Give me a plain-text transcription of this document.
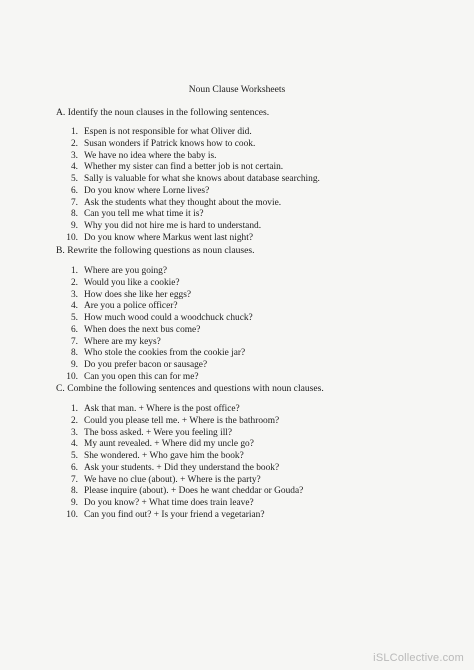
Noun Clause Worksheets
A. Identify the noun clauses in the following sentences.
1. Espen is not responsible for what Oliver did.
2. Susan wonders if Patrick knows how to cook.
3. We have no idea where the baby is.
4. Whether my sister can find a better job is not certain.
5. Sally is valuable for what she knows about database searching.
6. Do you know where Lorne lives?
7. Ask the students what they thought about the movie.
8. Can you tell me what time it is?
9. Why you did not hire me is hard to understand.
10. Do you know where Markus went last night?
B. Rewrite the following questions as noun clauses.
1. Where are you going?
2. Would you like a cookie?
3. How does she like her eggs?
4. Are you a police officer?
5. How much wood could a woodchuck chuck?
6. When does the next bus come?
7. Where are my keys?
8. Who stole the cookies from the cookie jar?
9. Do you prefer bacon or sausage?
10. Can you open this can for me?
C. Combine the following sentences and questions with noun clauses.
1. Ask that man. + Where is the post office?
2. Could you please tell me. + Where is the bathroom?
3. The boss asked. + Were you feeling ill?
4. My aunt revealed. + Where did my uncle go?
5. She wondered. + Who gave him the book?
6. Ask your students. + Did they understand the book?
7. We have no clue (about). + Where is the party?
8. Please inquire (about). + Does he want cheddar or Gouda?
9. Do you know? + What time does train leave?
10. Can you find out? + Is your friend a vegetarian?
iSLCollective.com
